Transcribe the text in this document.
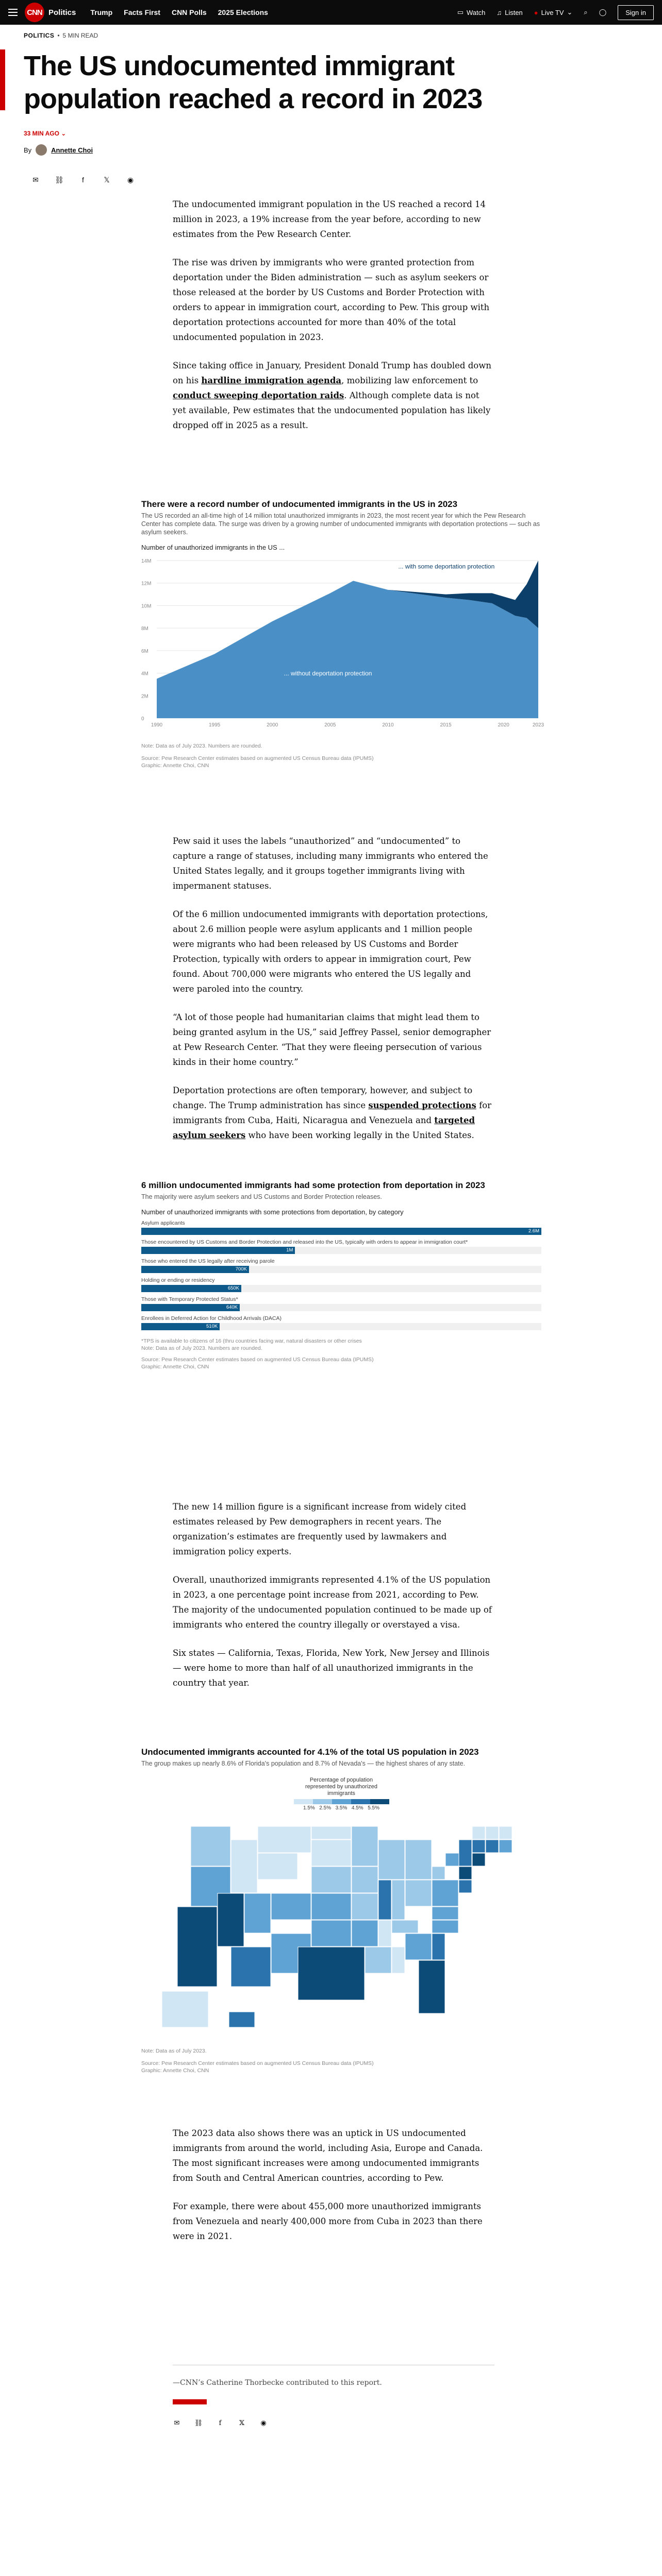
CNN Politics Trump Facts First CNN Polls 2025 Elections	▭ Watch ♫ Listen ● Live TV ⌄ ⌕ ◯	Sign in
POLITICS • 5 MIN READ
The US undocumented immigrant population reached a record in 2023
33 MIN AGO ⌄
By	Annette Choi
✉ ⛓	f	𝕏 ◉

The undocumented immigrant population in the US reached a record 14 million in 2023, a 19% increase from the year before, according to new estimates from the Pew Research Center.

The rise was driven by immigrants who were granted protection from deportation under the Biden administration — such as asylum seekers or those released at the border by US Customs and Border Protection with orders to appear in immigration court, according to Pew. This group with deportation protections accounted for more than 40% of the total undocumented population in 2023.

Since taking office in January, President Donald Trump has doubled down on his hardline immigration agenda, mobilizing law enforcement to conduct sweeping deportation raids. Although complete data is not yet available, Pew estimates that the undocumented population has likely dropped off in 2025 as a result.

There were a record number of undocumented immigrants in the US in 2023
The US recorded an all-time high of 14 million total unauthorized immigrants in 2023, the most recent year for which the Pew Research Center has complete data. The surge was driven by a growing number of undocumented immigrants with deportation protections — such as asylum seekers.
Number of unauthorized immigrants in the US ...
14M
12M
10M
8M
6M
4M
2M
0
1990	1995	2000	2005	2010	2015	2020	2023
... with some deportation protection
... without deportation protection
Note: Data as of July 2023. Numbers are rounded.
Source: Pew Research Center estimates based on augmented US Census Bureau data (IPUMS)
Graphic: Annette Choi, CNN

Pew said it uses the labels “unauthorized” and “undocumented” to capture a range of statuses, including many immigrants who entered the United States legally, and it groups together immigrants living with impermanent statuses.

Of the 6 million undocumented immigrants with deportation protections, about 2.6 million people were asylum applicants and 1 million people were migrants who had been released by US Customs and Border Protection, typically with orders to appear in immigration court, Pew found. About 700,000 were migrants who entered the US legally and were paroled into the country.

“A lot of those people had humanitarian claims that might lead them to being granted asylum in the US,” said Jeffrey Passel, senior demographer at Pew Research Center. “That they were fleeing persecution of various kinds in their home country.”

Deportation protections are often temporary, however, and subject to change. The Trump administration has since suspended protections for immigrants from Cuba, Haiti, Nicaragua and Venezuela and targeted asylum seekers who have been working legally in the United States.

6 million undocumented immigrants had some protection from deportation in 2023
The majority were asylum seekers and US Customs and Border Protection releases.
Number of unauthorized immigrants with some protections from deportation, by category
Asylum applicants
2.6M
Those encountered by US Customs and Border Protection and released into the US, typically with orders to appear in immigration court*
1M
Those who entered the US legally after receiving parole
700K
Holding or ending or residency
650K
Those with Temporary Protected Status*
640K
Enrollees in Deferred Action for Childhood Arrivals (DACA)
510K
*TPS is available to citizens of 16 (thru countries facing war, natural disasters or other crises
Note: Data as of July 2023. Numbers are rounded.
Source: Pew Research Center estimates based on augmented US Census Bureau data (IPUMS)
Graphic: Annette Choi, CNN

The new 14 million figure is a significant increase from widely cited estimates released by Pew demographers in recent years. The organization’s estimates are frequently used by lawmakers and immigration policy experts.

Overall, unauthorized immigrants represented 4.1% of the US population in 2023, a one percentage point increase from 2021, according to Pew. The majority of the undocumented population continued to be made up of immigrants who entered the country illegally or overstayed a visa.

Six states — California, Texas, Florida, New York, New Jersey and Illinois — were home to more than half of all unauthorized immigrants in the country that year.

Undocumented immigrants accounted for 4.1% of the total US population in 2023
The group makes up nearly 8.6% of Florida's population and 8.7% of Nevada's — the highest shares of any state.
Percentage of population represented by unauthorized immigrants
1.5% 2.5% 3.5% 4.5% 5.5%
Note: Data as of July 2023.
Source: Pew Research Center estimates based on augmented US Census Bureau data (IPUMS)
Graphic: Annette Choi, CNN

The 2023 data also shows there was an uptick in US undocumented immigrants from around the world, including Asia, Europe and Canada. The most significant increases were among undocumented immigrants from South and Central American countries, according to Pew.

For example, there were about 455,000 more unauthorized immigrants from Venezuela and nearly 400,000 more from Cuba in 2023 than there were in 2021.

—CNN’s Catherine Thorbecke contributed to this report.
✉ ⛓	f	𝕏 ◉
